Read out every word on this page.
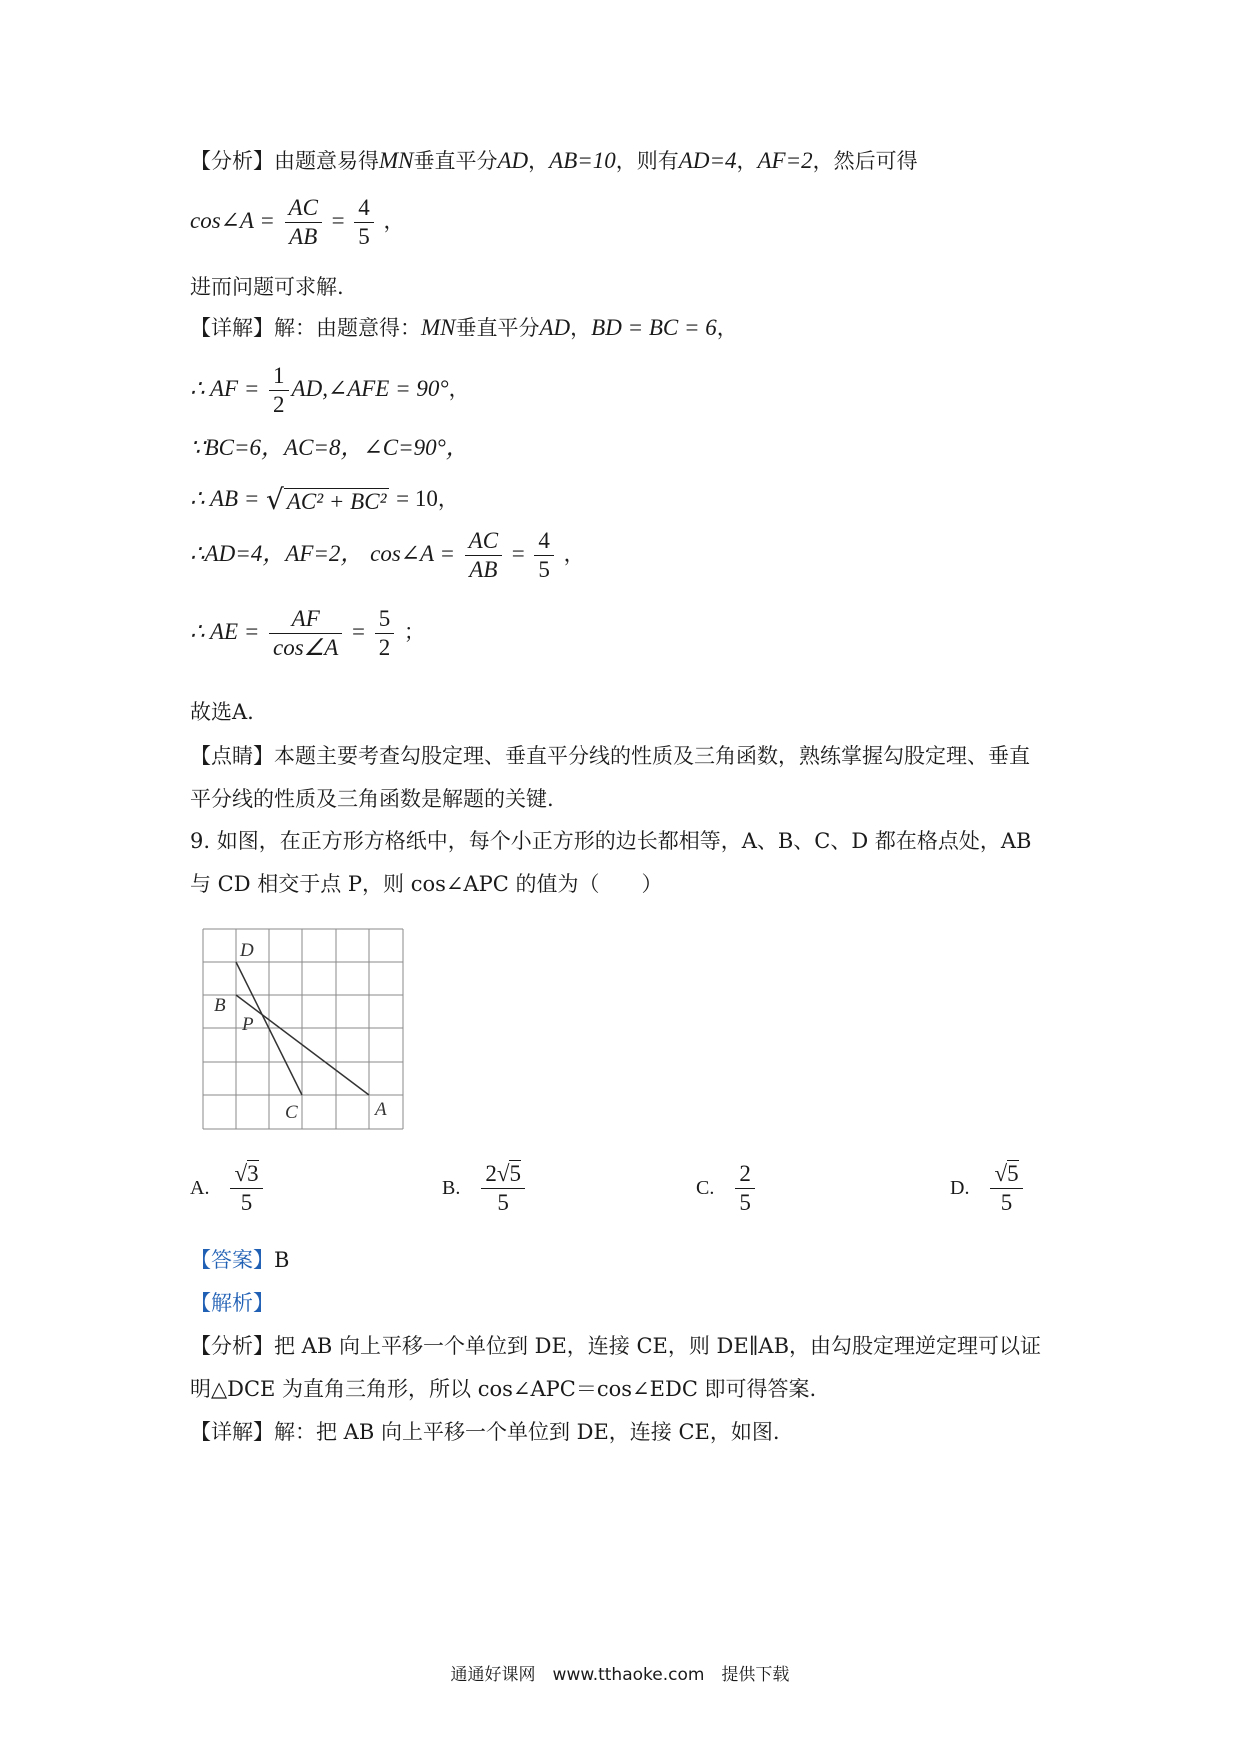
【分析】由题意易得MN垂直平分AD，AB=10，则有AD=4，AF=2，然后可得
cos∠A = $\frac{AC}{AB} = \frac{4}{5}$ ，
进而问题可求解.
【详解】解：由题意得：MN垂直平分AD，BD = BC = 6，
∴ AF = $\frac{1}{2}$ AD,∠AFE = 90°，
∵BC=6，AC=8，∠C=90°，
∴ AB = √ AC² + BC² = 10，
∴AD=4，AF=2， cos∠A = $\frac{AC}{AB} = \frac{4}{5}$ ，
∴ AE = $\frac{AF}{\cos\angle A} = \frac{5}{2}$ ；
故选A.
【点睛】本题主要考查勾股定理、垂直平分线的性质及三角函数，熟练掌握勾股定理、垂直
平分线的性质及三角函数是解题的关键.
9. 如图，在正方形方格纸中，每个小正方形的边长都相等，A、B、C、D 都在格点处，AB
与 CD 相交于点 P，则 cos∠APC 的值为（　　）
D
B
P
C	A
A. $\frac{√3}{5}$	B. $\frac{2√5}{5}$	C. $\frac{2}{5}$	D. $\frac{√5}{5}$
【答案】B
【解析】
【分析】把 AB 向上平移一个单位到 DE，连接 CE，则 DE∥AB，由勾股定理逆定理可以证
明△DCE 为直角三角形，所以 cos∠APC＝cos∠EDC 即可得答案.
【详解】解：把 AB 向上平移一个单位到 DE，连接 CE，如图.
通通好课网　www.tthaoke.com　提供下载
